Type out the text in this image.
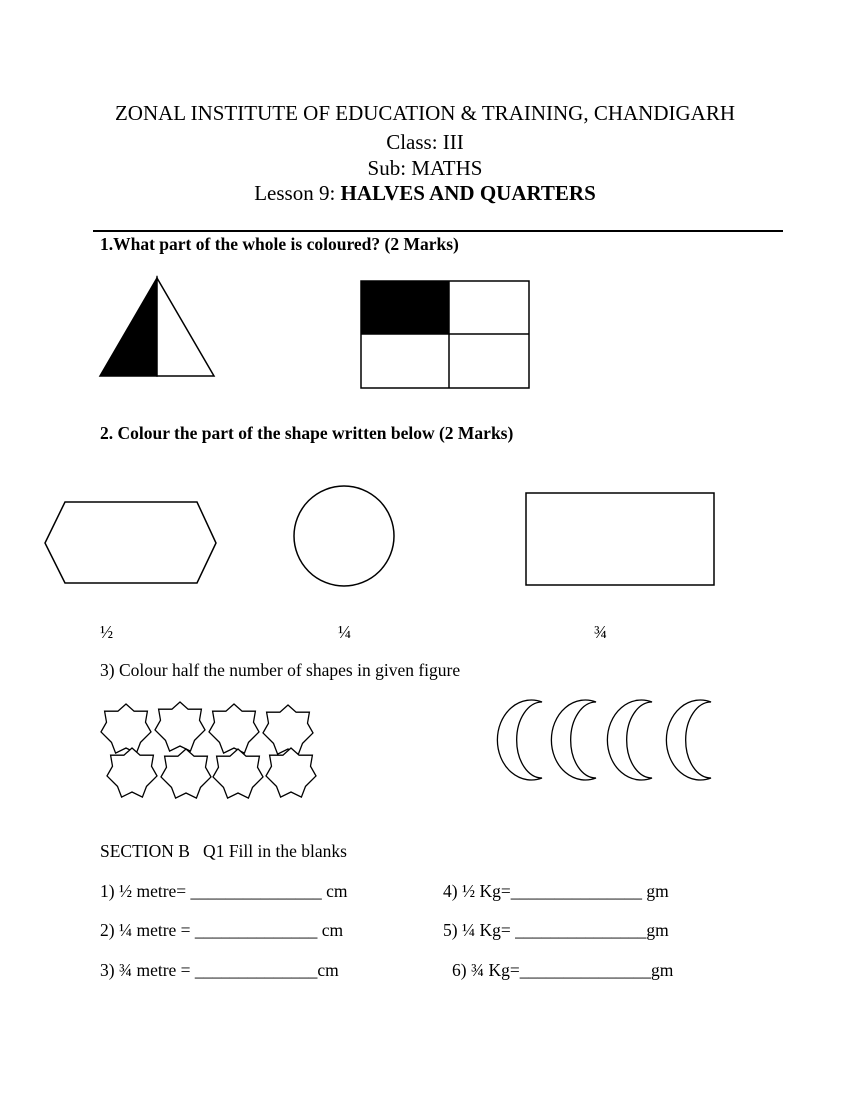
ZONAL INSTITUTE OF EDUCATION & TRAINING, CHANDIGARH
Class: III
Sub: MATHS
Lesson 9: HALVES AND QUARTERS
1.What part of the whole is coloured? (2 Marks)
2. Colour the part of the shape written below (2 Marks)
½	¼	¾
3) Colour half the number of shapes in given figure
SECTION B   Q1 Fill in the blanks
1) ½ metre= _______________ cm
2) ¼ metre = ______________ cm
3) ¾ metre = ______________cm
4) ½ Kg=_______________ gm
5) ¼ Kg= _______________gm
6) ¾ Kg=_______________gm
